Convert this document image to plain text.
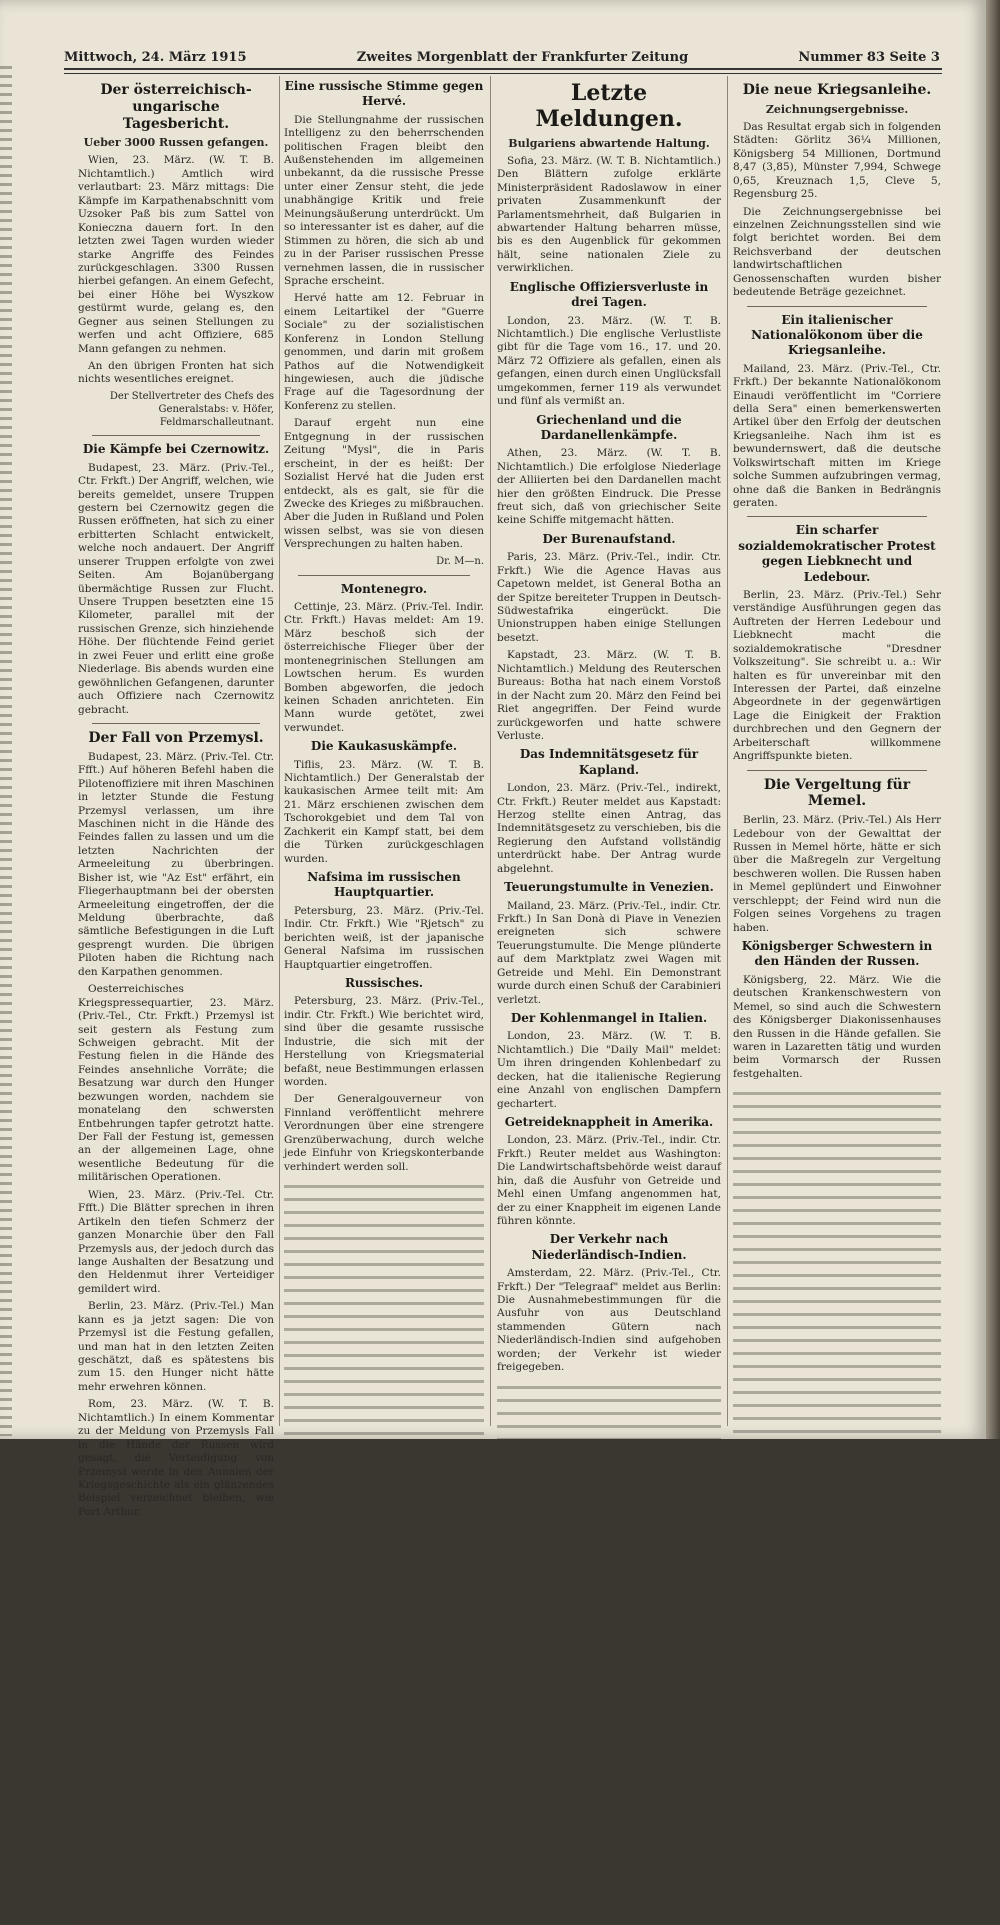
Mittwoch, 24. März 1915	Zweites Morgenblatt der Frankfurter Zeitung	Nummer 83 Seite 3
Der österreichisch-ungarische Tagesbericht.
Ueber 3000 Russen gefangen.

Wien, 23. März. (W. T. B. Nichtamtlich.) Amtlich wird verlautbart: 23. März mittags: Die Kämpfe im Karpathenabschnitt vom Uzsoker Paß bis zum Sattel von Konieczna dauern fort. In den letzten zwei Tagen wurden wieder starke Angriffe des Feindes zurückgeschlagen. 3300 Russen hierbei gefangen. An einem Gefecht, bei einer Höhe bei Wyszkow gestürmt wurde, gelang es, den Gegner aus seinen Stellungen zu werfen und acht Offiziere, 685 Mann gefangen zu nehmen.

An den übrigen Fronten hat sich nichts wesentliches ereignet.

Der Stellvertreter des Chefs des Generalstabs: v. Höfer, Feldmarschalleutnant.
Die Kämpfe bei Czernowitz.

Budapest, 23. März. (Priv.-Tel., Ctr. Frkft.) Der Angriff, welchen, wie bereits gemeldet, unsere Truppen gestern bei Czernowitz gegen die Russen eröffneten, hat sich zu einer erbitterten Schlacht entwickelt, welche noch andauert. Der Angriff unserer Truppen erfolgte von zwei Seiten. Am Bojanübergang übermächtige Russen zur Flucht. Unsere Truppen besetzten eine 15 Kilometer, parallel mit der russischen Grenze, sich hinziehende Höhe. Der flüchtende Feind geriet in zwei Feuer und erlitt eine große Niederlage. Bis abends wurden eine gewöhnlichen Gefangenen, darunter auch Offiziere nach Czernowitz gebracht.

Der Fall von Przemysl.

Budapest, 23. März. (Priv.-Tel. Ctr. Ffft.) Auf höheren Befehl haben die Pilotenoffiziere mit ihren Maschinen in letzter Stunde die Festung Przemysl verlassen, um ihre Maschinen nicht in die Hände des Feindes fallen zu lassen und um die letzten Nachrichten der Armeeleitung zu überbringen. Bisher ist, wie "Az Est" erfährt, ein Fliegerhauptmann bei der obersten Armeeleitung eingetroffen, der die Meldung überbrachte, daß sämtliche Befestigungen in die Luft gesprengt wurden. Die übrigen Piloten haben die Richtung nach den Karpathen genommen.

Oesterreichisches Kriegspressequartier, 23. März. (Priv.-Tel., Ctr. Frkft.) Przemysl ist seit gestern als Festung zum Schweigen gebracht. Mit der Festung fielen in die Hände des Feindes ansehnliche Vorräte; die Besatzung war durch den Hunger bezwungen worden, nachdem sie monatelang den schwersten Entbehrungen tapfer getrotzt hatte. Der Fall der Festung ist, gemessen an der allgemeinen Lage, ohne wesentliche Bedeutung für die militärischen Operationen.

Wien, 23. März. (Priv.-Tel. Ctr. Ffft.) Die Blätter sprechen in ihren Artikeln den tiefen Schmerz der ganzen Monarchie über den Fall Przemysls aus, der jedoch durch das lange Aushalten der Besatzung und den Heldenmut ihrer Verteidiger gemildert wird.

Berlin, 23. März. (Priv.-Tel.) Man kann es ja jetzt sagen: Die von Przemysl ist die Festung gefallen, und man hat in den letzten Zeiten geschätzt, daß es spätestens bis zum 15. den Hunger nicht hätte mehr erwehren können.

Rom, 23. März. (W. T. B. Nichtamtlich.) In einem Kommentar zu der Meldung von Przemysls Fall in die Hände der Russen wird gesagt, die Verteidigung von Przemysl werde in den Annalen der Kriegsgeschichte als ein glänzendes Beispiel verzeichnet bleiben, wie Port Arthur.

Eine russische Stimme gegen Hervé.

Die Stellungnahme der russischen Intelligenz zu den beherrschenden politischen Fragen bleibt den Außenstehenden im allgemeinen unbekannt, da die russische Presse unter einer Zensur steht, die jede unabhängige Kritik und freie Meinungsäußerung unterdrückt. Um so interessanter ist es daher, auf die Stimmen zu hören, die sich ab und zu in der Pariser russischen Presse vernehmen lassen, die in russischer Sprache erscheint.

Hervé hatte am 12. Februar in einem Leitartikel der "Guerre Sociale" zu der sozialistischen Konferenz in London Stellung genommen, und darin mit großem Pathos auf die Notwendigkeit hingewiesen, auch die jüdische Frage auf die Tagesordnung der Konferenz zu stellen.

Darauf ergeht nun eine Entgegnung in der russischen Zeitung "Mysl", die in Paris erscheint, in der es heißt: Der Sozialist Hervé hat die Juden erst entdeckt, als es galt, sie für die Zwecke des Krieges zu mißbrauchen. Aber die Juden in Rußland und Polen wissen selbst, was sie von diesen Versprechungen zu halten haben.

Dr. M—n.
Montenegro.

Cettinje, 23. März. (Priv.-Tel. Indir. Ctr. Frkft.) Havas meldet: Am 19. März beschoß sich der österreichische Flieger über der montenegrinischen Stellungen am Lowtschen herum. Es wurden Bomben abgeworfen, die jedoch keinen Schaden anrichteten. Ein Mann wurde getötet, zwei verwundet.

Die Kaukasuskämpfe.

Tiflis, 23. März. (W. T. B. Nichtamtlich.) Der Generalstab der kaukasischen Armee teilt mit: Am 21. März erschienen zwischen dem Tschorokgebiet und dem Tal von Zachkerit ein Kampf statt, bei dem die Türken zurückgeschlagen wurden.

Nafsima im russischen Hauptquartier.

Petersburg, 23. März. (Priv.-Tel. Indir. Ctr. Frkft.) Wie "Rjetsch" zu berichten weiß, ist der japanische General Nafsima im russischen Hauptquartier eingetroffen.

Russisches.

Petersburg, 23. März. (Priv.-Tel., indir. Ctr. Frkft.) Wie berichtet wird, sind über die gesamte russische Industrie, die sich mit der Herstellung von Kriegsmaterial befaßt, neue Bestimmungen erlassen worden.

Der Generalgouverneur von Finnland veröffentlicht mehrere Verordnungen über eine strengere Grenzüberwachung, durch welche jede Einfuhr von Kriegskonterbande verhindert werden soll.

Letzte Meldungen.
Bulgariens abwartende Haltung.

Sofia, 23. März. (W. T. B. Nichtamtlich.) Den Blättern zufolge erklärte Ministerpräsident Radoslawow in einer privaten Zusammenkunft der Parlamentsmehrheit, daß Bulgarien in abwartender Haltung beharren müsse, bis es den Augenblick für gekommen hält, seine nationalen Ziele zu verwirklichen.

Englische Offiziersverluste in drei Tagen.

London, 23. März. (W. T. B. Nichtamtlich.) Die englische Verlustliste gibt für die Tage vom 16., 17. und 20. März 72 Offiziere als gefallen, einen als gefangen, einen durch einen Unglücksfall umgekommen, ferner 119 als verwundet und fünf als vermißt an.

Griechenland und die Dardanellenkämpfe.

Athen, 23. März. (W. T. B. Nichtamtlich.) Die erfolglose Niederlage der Alliierten bei den Dardanellen macht hier den größten Eindruck. Die Presse freut sich, daß von griechischer Seite keine Schiffe mitgemacht hätten.

Der Burenaufstand.

Paris, 23. März. (Priv.-Tel., indir. Ctr. Frkft.) Wie die Agence Havas aus Capetown meldet, ist General Botha an der Spitze bereiteter Truppen in Deutsch-Südwestafrika eingerückt. Die Unionstruppen haben einige Stellungen besetzt.

Kapstadt, 23. März. (W. T. B. Nichtamtlich.) Meldung des Reuterschen Bureaus: Botha hat nach einem Vorstoß in der Nacht zum 20. März den Feind bei Riet angegriffen. Der Feind wurde zurückgeworfen und hatte schwere Verluste.

Das Indemnitätsgesetz für Kapland.

London, 23. März. (Priv.-Tel., indirekt, Ctr. Frkft.) Reuter meldet aus Kapstadt: Herzog stellte einen Antrag, das Indemnitätsgesetz zu verschieben, bis die Regierung den Aufstand vollständig unterdrückt habe. Der Antrag wurde abgelehnt.

Teuerungstumulte in Venezien.

Mailand, 23. März. (Priv.-Tel., indir. Ctr. Frkft.) In San Donà di Piave in Venezien ereigneten sich schwere Teuerungstumulte. Die Menge plünderte auf dem Marktplatz zwei Wagen mit Getreide und Mehl. Ein Demonstrant wurde durch einen Schuß der Carabinieri verletzt.

Der Kohlenmangel in Italien.

London, 23. März. (W. T. B. Nichtamtlich.) Die "Daily Mail" meldet: Um ihren dringenden Kohlenbedarf zu decken, hat die italienische Regierung eine Anzahl von englischen Dampfern gechartert.

Getreideknappheit in Amerika.

London, 23. März. (Priv.-Tel., indir. Ctr. Frkft.) Reuter meldet aus Washington: Die Landwirtschaftsbehörde weist darauf hin, daß die Ausfuhr von Getreide und Mehl einen Umfang angenommen hat, der zu einer Knappheit im eigenen Lande führen könnte.

Der Verkehr nach Niederländisch-Indien.

Amsterdam, 22. März. (Priv.-Tel., Ctr. Frkft.) Der "Telegraaf" meldet aus Berlin: Die Ausnahmebestimmungen für die Ausfuhr von aus Deutschland stammenden Gütern nach Niederländisch-Indien sind aufgehoben worden; der Verkehr ist wieder freigegeben.

Die neue Kriegsanleihe.
Zeichnungsergebnisse.

Das Resultat ergab sich in folgenden Städten: Görlitz 36¼ Millionen, Königsberg 54 Millionen, Dortmund 8,47 (3,85), Münster 7,994, Schwege 0,65, Kreuznach 1,5, Cleve 5, Regensburg 25.

Die Zeichnungsergebnisse bei einzelnen Zeichnungsstellen sind wie folgt berichtet worden. Bei dem Reichsverband der deutschen landwirtschaftlichen Genossenschaften wurden bisher bedeutende Beträge gezeichnet.

Ein italienischer Nationalökonom über die Kriegsanleihe.

Mailand, 23. März. (Priv.-Tel., Ctr. Frkft.) Der bekannte Nationalökonom Einaudi veröffentlicht im "Corriere della Sera" einen bemerkenswerten Artikel über den Erfolg der deutschen Kriegsanleihe. Nach ihm ist es bewundernswert, daß die deutsche Volkswirtschaft mitten im Kriege solche Summen aufzubringen vermag, ohne daß die Banken in Bedrängnis geraten.

Ein scharfer sozialdemokratischer Protest gegen Liebknecht und Ledebour.

Berlin, 23. März. (Priv.-Tel.) Sehr verständige Ausführungen gegen das Auftreten der Herren Ledebour und Liebknecht macht die sozialdemokratische "Dresdner Volkszeitung". Sie schreibt u. a.: Wir halten es für unvereinbar mit den Interessen der Partei, daß einzelne Abgeordnete in der gegenwärtigen Lage die Einigkeit der Fraktion durchbrechen und den Gegnern der Arbeiterschaft willkommene Angriffspunkte bieten.

Die Vergeltung für Memel.

Berlin, 23. März. (Priv.-Tel.) Als Herr Ledebour von der Gewalttat der Russen in Memel hörte, hätte er sich über die Maßregeln zur Vergeltung beschweren wollen. Die Russen haben in Memel geplündert und Einwohner verschleppt; der Feind wird nun die Folgen seines Vorgehens zu tragen haben.

Königsberger Schwestern in den Händen der Russen.

Königsberg, 22. März. Wie die deutschen Krankenschwestern von Memel, so sind auch die Schwestern des Königsberger Diakonissenhauses den Russen in die Hände gefallen. Sie waren in Lazaretten tätig und wurden beim Vormarsch der Russen festgehalten.
